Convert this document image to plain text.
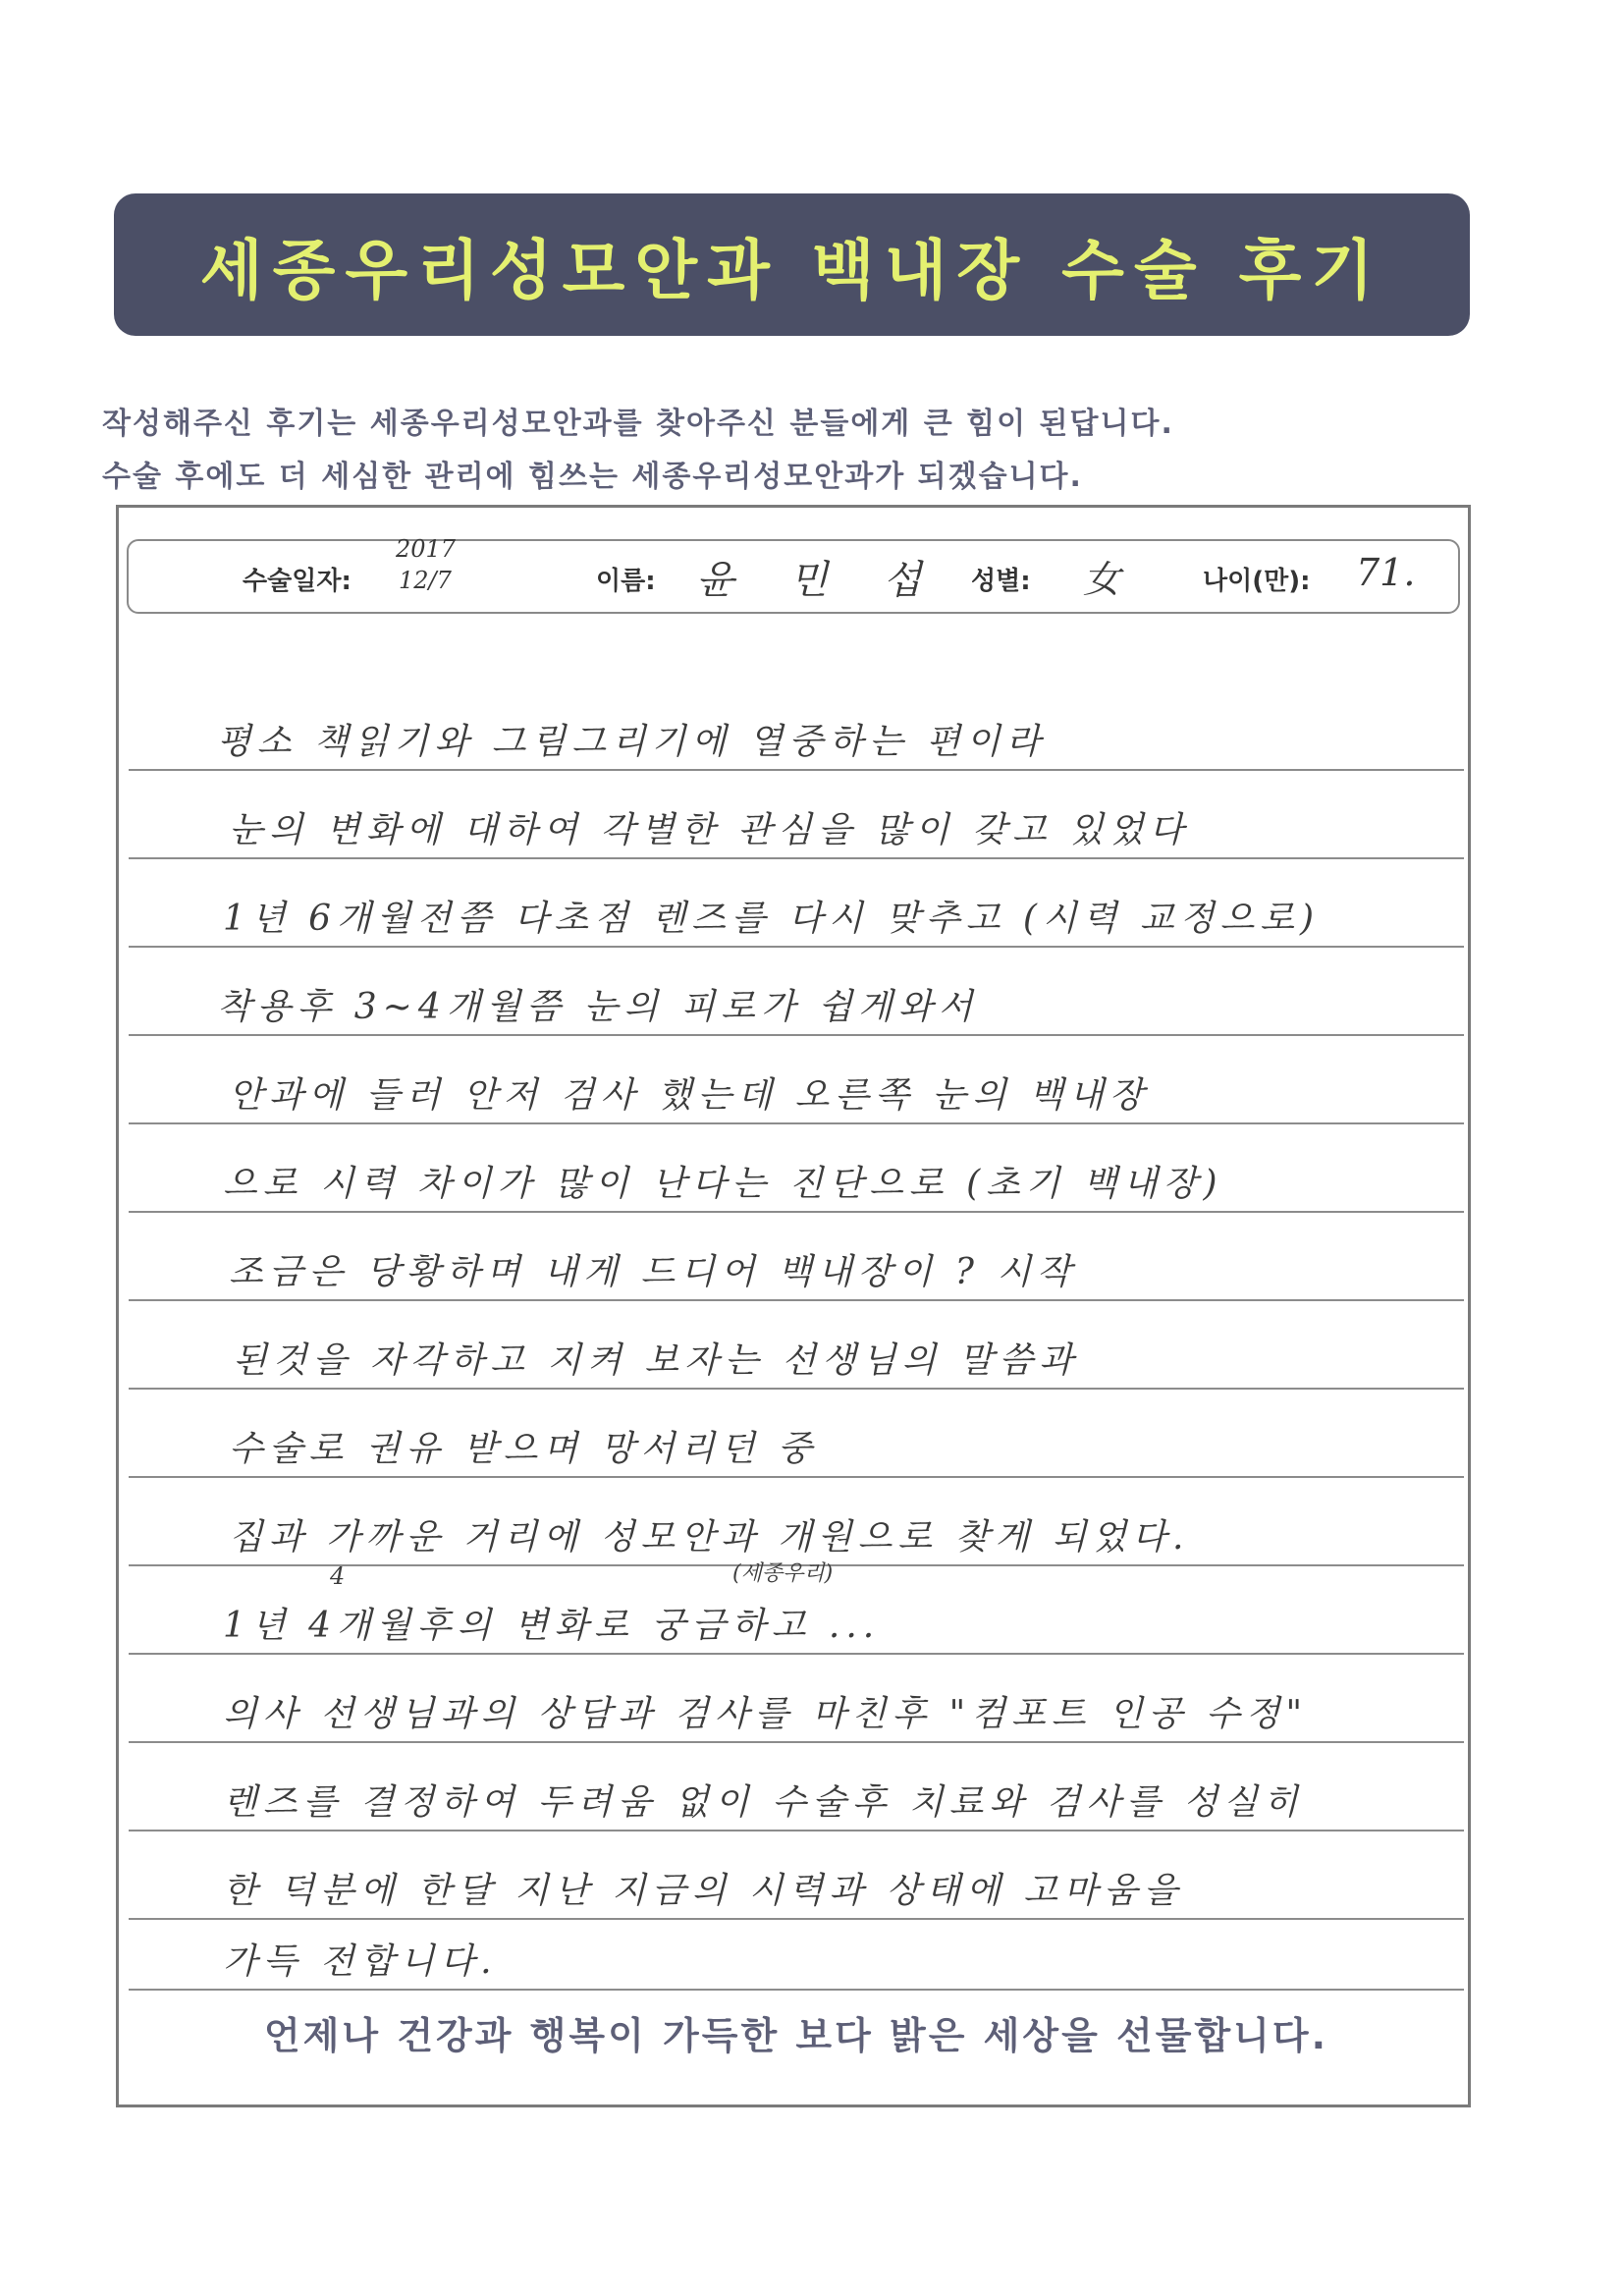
세종우리성모안과 백내장 수술 후기
작성해주신 후기는 세종우리성모안과를 찾아주신 분들에게 큰 힘이 된답니다.
수술 후에도 더 세심한 관리에 힘쓰는 세종우리성모안과가 되겠습니다.
수술일자:
2017
12/7	이름: 윤 민 섭 성별: 女	나이(만): 71.
평소 책읽기와 그림그리기에 열중하는 편이라
눈의 변화에 대하여 각별한 관심을 많이 갖고 있었다
1년 6개월전쯤 다초점 렌즈를 다시 맞추고 (시력 교정으로)
착용후 3~4개월쯤 눈의 피로가 쉽게와서
안과에 들러 안저 검사 했는데 오른쪽 눈의 백내장
으로 시력 차이가 많이 난다는 진단으로 (초기 백내장)
조금은 당황하며 내게 드디어 백내장이 ? 시작
된것을 자각하고 지켜 보자는 선생님의 말씀과
수술로 권유 받으며 망서리던 중
집과 가까운 거리에 성모안과 개원으로 찾게 되었다.
(세종우리)
4
1년 4개월후의 변화로 궁금하고 ...
의사 선생님과의 상담과 검사를 마친후 "컴포트 인공 수정"
렌즈를 결정하여 두려움 없이 수술후 치료와 검사를 성실히
한 덕분에 한달 지난 지금의 시력과 상태에 고마움을
가득 전합니다.
언제나 건강과 행복이 가득한 보다 밝은 세상을 선물합니다.
